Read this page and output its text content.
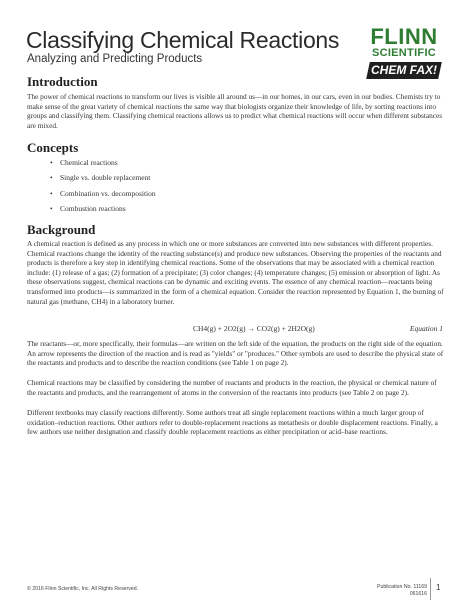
Classifying Chemical Reactions
Analyzing and Predicting Products
FLINN
SCIENTIFIC
CHEM FAX!
Introduction
The power of chemical reactions to transform our lives is visible all around us—in our homes, in our cars, even in our bodies. Chemists try to make sense of the great variety of chemical reactions the same way that biologists organize their knowledge of life, by sorting reactions into groups and classifying them. Classifying chemical reactions allows us to predict what chemical reactions will occur when different substances are mixed.
Concepts
• Chemical reactions
• Single vs. double replacement
• Combination vs. decomposition
• Combustion reactions
Background
A chemical reaction is defined as any process in which one or more substances are converted into new substances with different properties. Chemical reactions change the identity of the reacting substance(s) and produce new substances. Observing the properties of the reactants and products is therefore a key step in identifying chemical reactions. Some of the observations that may be associated with a chemical reaction include: (1) release of a gas; (2) formation of a precipitate; (3) color changes; (4) temperature changes; (5) emission or absorption of light. As these observations suggest, chemical reactions can be dynamic and exciting events. The essence of any chemical reaction—reactants being transformed into products—is summarized in the form of a chemical equation. Consider the reaction represented by Equation 1, the burning of natural gas (methane, CH4) in a laboratory burner.
CH4(g) + 2O2(g) → CO2(g) + 2H2O(g)	Equation 1
The reactants—or, more specifically, their formulas—are written on the left side of the equation, the products on the right side of the equation. An arrow represents the direction of the reaction and is read as "yields" or "produces." Other symbols are used to describe the physical state of the reactants and products and to describe the reaction conditions (see Table 1 on page 2).
Chemical reactions may be classified by considering the number of reactants and products in the reaction, the physical or chemical nature of the reactants and products, and the rearrangement of atoms in the conversion of the reactants into products (see Table 2 on page 2).
Different textbooks may classify reactions differently. Some authors treat all single replacement reactions within a much larger group of oxidation–reduction reactions. Other authors refer to double-replacement reactions as metathesis or double displacement reactions. Finally, a few authors use neither designation and classify double replacement reactions as either precipitation or acid–base reactions.
© 2016 Flinn Scientific, Inc. All Rights Reserved.	Publication No. 11169
061616
1
